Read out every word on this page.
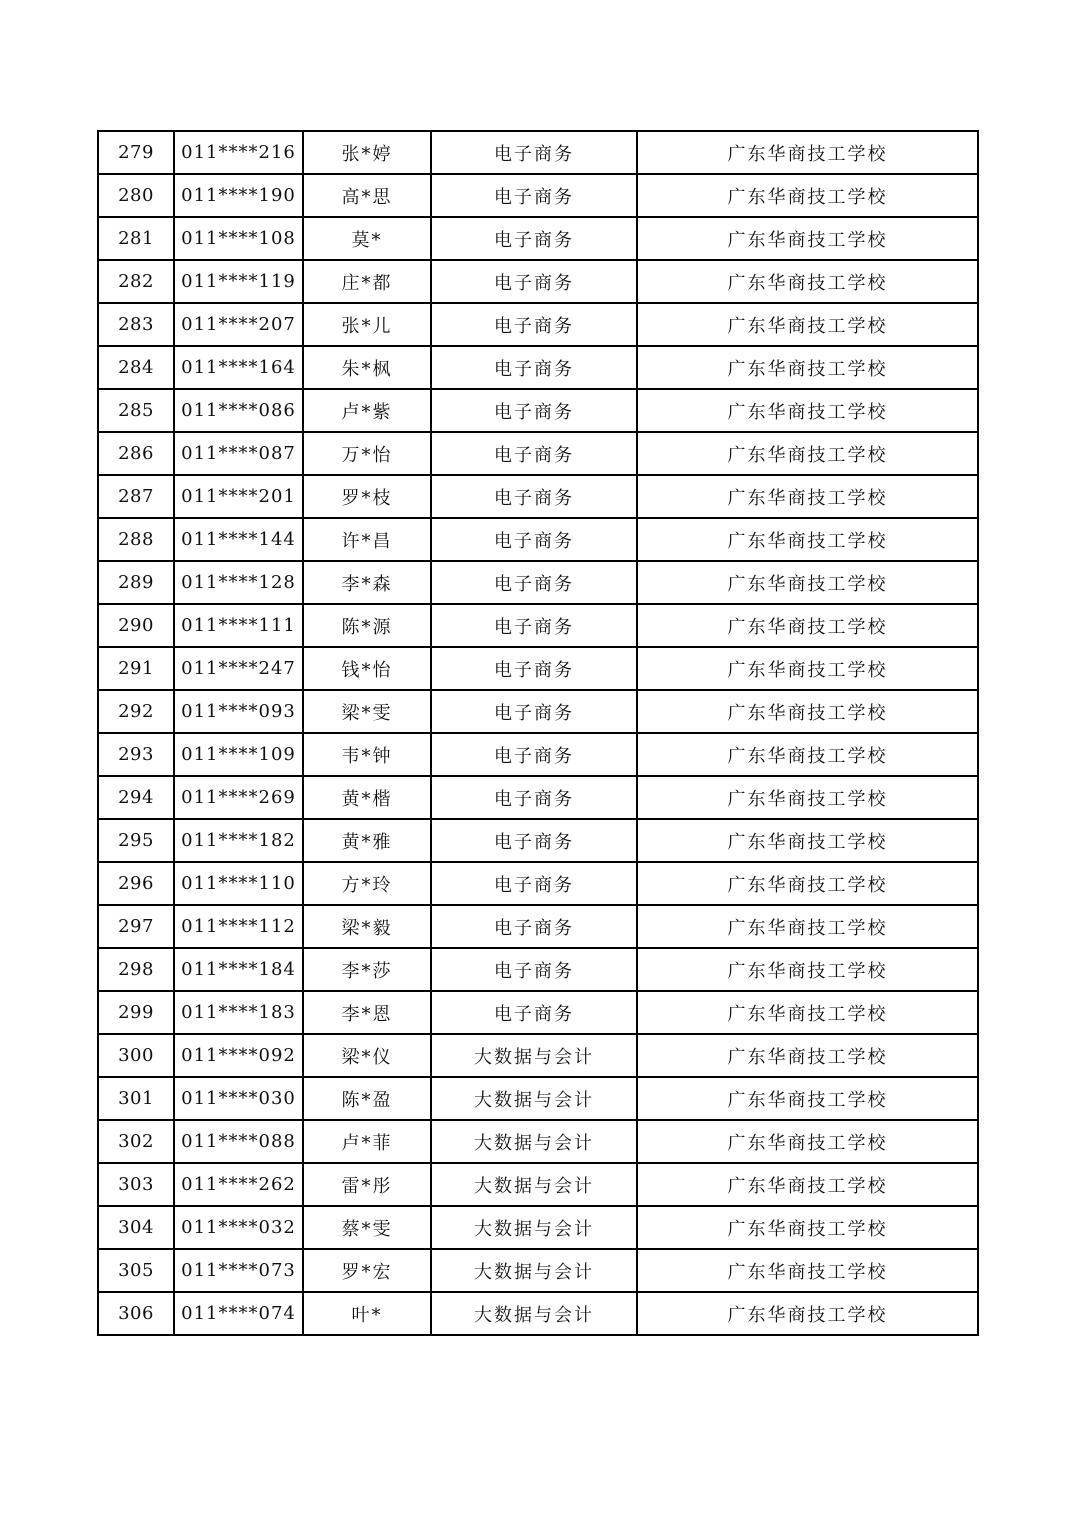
279	011****216	张*婷	电子商务	广东华商技工学校
280	011****190	高*思	电子商务	广东华商技工学校
281	011****108	莫*	电子商务	广东华商技工学校
282	011****119	庄*都	电子商务	广东华商技工学校
283	011****207	张*儿	电子商务	广东华商技工学校
284	011****164	朱*枫	电子商务	广东华商技工学校
285	011****086	卢*紫	电子商务	广东华商技工学校
286	011****087	万*怡	电子商务	广东华商技工学校
287	011****201	罗*枝	电子商务	广东华商技工学校
288	011****144	许*昌	电子商务	广东华商技工学校
289	011****128	李*森	电子商务	广东华商技工学校
290	011****111	陈*源	电子商务	广东华商技工学校
291	011****247	钱*怡	电子商务	广东华商技工学校
292	011****093	梁*雯	电子商务	广东华商技工学校
293	011****109	韦*钟	电子商务	广东华商技工学校
294	011****269	黄*楷	电子商务	广东华商技工学校
295	011****182	黄*雅	电子商务	广东华商技工学校
296	011****110	方*玲	电子商务	广东华商技工学校
297	011****112	梁*毅	电子商务	广东华商技工学校
298	011****184	李*莎	电子商务	广东华商技工学校
299	011****183	李*恩	电子商务	广东华商技工学校
300	011****092	梁*仪	大数据与会计	广东华商技工学校
301	011****030	陈*盈	大数据与会计	广东华商技工学校
302	011****088	卢*菲	大数据与会计	广东华商技工学校
303	011****262	雷*彤	大数据与会计	广东华商技工学校
304	011****032	蔡*雯	大数据与会计	广东华商技工学校
305	011****073	罗*宏	大数据与会计	广东华商技工学校
306	011****074	叶*	大数据与会计	广东华商技工学校
